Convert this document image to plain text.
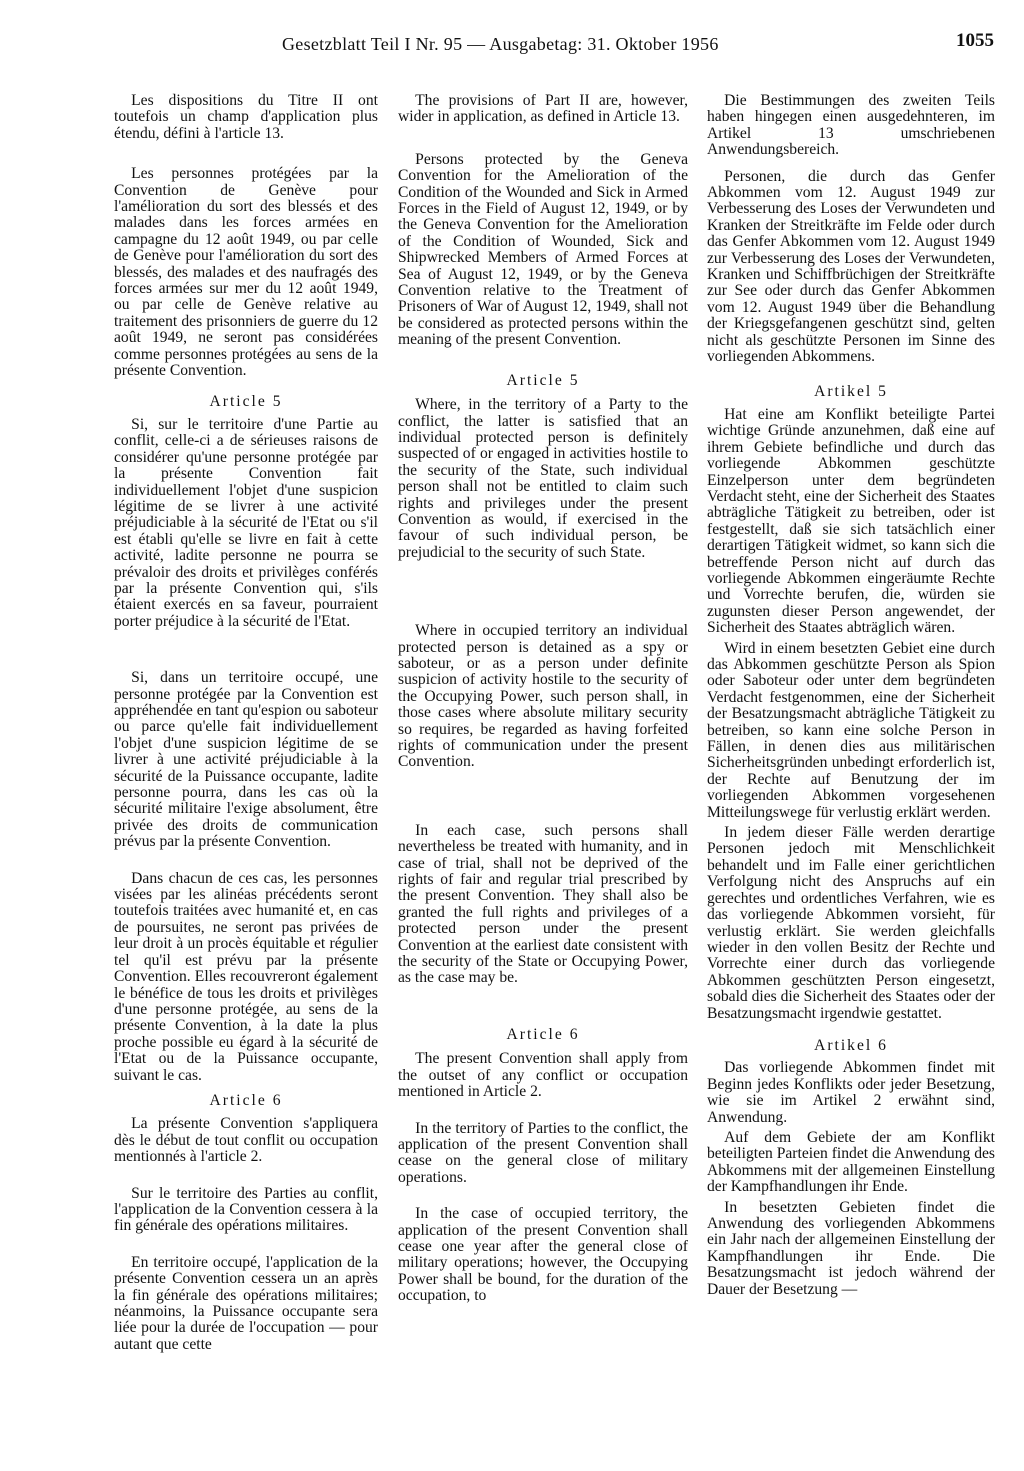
Gesetzblatt Teil I Nr. 95 — Ausgabetag: 31. Oktober 1956	1055

Les dispositions du Titre II ont toutefois un champ d'application plus étendu, défini à l'article 13.

Les personnes protégées par la Convention de Genève pour l'amélioration du sort des blessés et des malades dans les forces armées en campagne du 12 août 1949, ou par celle de Genève pour l'amélioration du sort des blessés, des malades et des naufragés des forces armées sur mer du 12 août 1949, ou par celle de Genève relative au traitement des prisonniers de guerre du 12 août 1949, ne seront pas considérées comme personnes protégées au sens de la présente Convention.

Article 5

Si, sur le territoire d'une Partie au conflit, celle-ci a de sérieuses raisons de considérer qu'une personne protégée par la présente Convention fait individuellement l'objet d'une suspicion légitime de se livrer à une activité préjudiciable à la sécurité de l'Etat ou s'il est établi qu'elle se livre en fait à cette activité, ladite personne ne pourra se prévaloir des droits et privilèges conférés par la présente Convention qui, s'ils étaient exercés en sa faveur, pourraient porter préjudice à la sécurité de l'Etat.

Si, dans un territoire occupé, une personne protégée par la Convention est appréhendée en tant qu'espion ou saboteur ou parce qu'elle fait individuellement l'objet d'une suspicion légitime de se livrer à une activité préjudiciable à la sécurité de la Puissance occupante, ladite personne pourra, dans les cas où la sécurité militaire l'exige absolument, être privée des droits de communication prévus par la présente Convention.

Dans chacun de ces cas, les personnes visées par les alinéas précédents seront toutefois traitées avec humanité et, en cas de poursuites, ne seront pas privées de leur droit à un procès équitable et régulier tel qu'il est prévu par la présente Convention. Elles recouvreront également le bénéfice de tous les droits et privilèges d'une personne protégée, au sens de la présente Convention, à la date la plus proche possible eu égard à la sécurité de l'Etat ou de la Puissance occupante, suivant le cas.

Article 6

La présente Convention s'appliquera dès le début de tout conflit ou occupation mentionnés à l'article 2.

Sur le territoire des Parties au conflit, l'application de la Convention cessera à la fin générale des opérations militaires.

En territoire occupé, l'application de la présente Convention cessera un an après la fin générale des opérations militaires; néanmoins, la Puissance occupante sera liée pour la durée de l'occupation — pour autant que cette

The provisions of Part II are, however, wider in application, as defined in Article 13.

Persons protected by the Geneva Convention for the Amelioration of the Condition of the Wounded and Sick in Armed Forces in the Field of August 12, 1949, or by the Geneva Convention for the Amelioration of the Condition of Wounded, Sick and Shipwrecked Members of Armed Forces at Sea of August 12, 1949, or by the Geneva Convention relative to the Treatment of Prisoners of War of August 12, 1949, shall not be considered as protected persons within the meaning of the present Convention.

Article 5

Where, in the territory of a Party to the conflict, the latter is satisfied that an individual protected person is definitely suspected of or engaged in activities hostile to the security of the State, such individual person shall not be entitled to claim such rights and privileges under the present Convention as would, if exercised in the favour of such individual person, be prejudicial to the security of such State.

Where in occupied territory an individual protected person is detained as a spy or saboteur, or as a person under definite suspicion of activity hostile to the security of the Occupying Power, such person shall, in those cases where absolute military security so requires, be regarded as having forfeited rights of communication under the present Convention.

In each case, such persons shall nevertheless be treated with humanity, and in case of trial, shall not be deprived of the rights of fair and regular trial prescribed by the present Convention. They shall also be granted the full rights and privileges of a protected person under the present Convention at the earliest date consistent with the security of the State or Occupying Power, as the case may be.

Article 6

The present Convention shall apply from the outset of any conflict or occupation mentioned in Article 2.

In the territory of Parties to the conflict, the application of the present Convention shall cease on the general close of military operations.

In the case of occupied territory, the application of the present Convention shall cease one year after the general close of military operations; however, the Occupying Power shall be bound, for the duration of the occupation, to

Die Bestimmungen des zweiten Teils haben hingegen einen ausgedehnteren, im Artikel 13 umschriebenen Anwendungsbereich.

Personen, die durch das Genfer Abkommen vom 12. August 1949 zur Verbesserung des Loses der Verwundeten und Kranken der Streitkräfte im Felde oder durch das Genfer Abkommen vom 12. August 1949 zur Verbesserung des Loses der Verwundeten, Kranken und Schiffbrüchigen der Streitkräfte zur See oder durch das Genfer Abkommen vom 12. August 1949 über die Behandlung der Kriegsgefangenen geschützt sind, gelten nicht als geschützte Personen im Sinne des vorliegenden Abkommens.

Artikel 5

Hat eine am Konflikt beteiligte Partei wichtige Gründe anzunehmen, daß eine auf ihrem Gebiete befindliche und durch das vorliegende Abkommen geschützte Einzelperson unter dem begründeten Verdacht steht, eine der Sicherheit des Staates abträgliche Tätigkeit zu betreiben, oder ist festgestellt, daß sie sich tatsächlich einer derartigen Tätigkeit widmet, so kann sich die betreffende Person nicht auf durch das vorliegende Abkommen eingeräumte Rechte und Vorrechte berufen, die, würden sie zugunsten dieser Person angewendet, der Sicherheit des Staates abträglich wären.

Wird in einem besetzten Gebiet eine durch das Abkommen geschützte Person als Spion oder Saboteur oder unter dem begründeten Verdacht festgenommen, eine der Sicherheit der Besatzungsmacht abträgliche Tätigkeit zu betreiben, so kann eine solche Person in Fällen, in denen dies aus militärischen Sicherheitsgründen unbedingt erforderlich ist, der Rechte auf Benutzung der im vorliegenden Abkommen vorgesehenen Mitteilungswege für verlustig erklärt werden.

In jedem dieser Fälle werden derartige Personen jedoch mit Menschlichkeit behandelt und im Falle einer gerichtlichen Verfolgung nicht des Anspruchs auf ein gerechtes und ordentliches Verfahren, wie es das vorliegende Abkommen vorsieht, für verlustig erklärt. Sie werden gleichfalls wieder in den vollen Besitz der Rechte und Vorrechte einer durch das vorliegende Abkommen geschützten Person eingesetzt, sobald dies die Sicherheit des Staates oder der Besatzungsmacht irgendwie gestattet.

Artikel 6

Das vorliegende Abkommen findet mit Beginn jedes Konflikts oder jeder Besetzung, wie sie im Artikel 2 erwähnt sind, Anwendung.

Auf dem Gebiete der am Konflikt beteiligten Parteien findet die Anwendung des Abkommens mit der allgemeinen Einstellung der Kampfhandlungen ihr Ende.

In besetzten Gebieten findet die Anwendung des vorliegenden Abkommens ein Jahr nach der allgemeinen Einstellung der Kampfhandlungen ihr Ende. Die Besatzungsmacht ist jedoch während der Dauer der Besetzung —
